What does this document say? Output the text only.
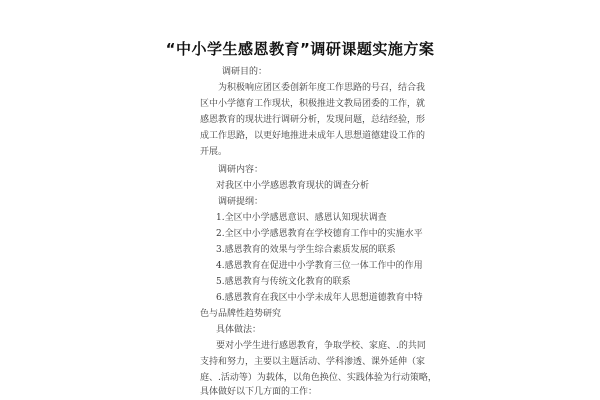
“中小学生感恩教育”调研课题实施方案
调研目的：
为积极响应团区委创新年度工作思路的号召，结合我
区中小学德育工作现状，积极推进文教局团委的工作，就
感恩教育的现状进行调研分析，发现问题，总结经验，形
成工作思路，以更好地推进未成年人思想道德建设工作的
开展。
调研内容：
对我区中小学感恩教育现状的调查分析
调研提纲：
1.全区中小学感恩意识、感恩认知现状调查
2.全区中小学感恩教育在学校德育工作中的实施水平
3.感恩教育的效果与学生综合素质发展的联系
4.感恩教育在促进中小学教育三位一体工作中的作用
5.感恩教育与传统文化教育的联系
6.感恩教育在我区中小学未成年人思想道德教育中特
色与品牌性趋势研究
具体做法：
要对小学生进行感恩教育，争取学校、家庭、.的共同
支持和努力，主要以主题活动、学科渗透、课外延伸（家
庭、.活动等）为载体，以角色换位、实践体验为行动策略，
具体做好以下几方面的工作：
